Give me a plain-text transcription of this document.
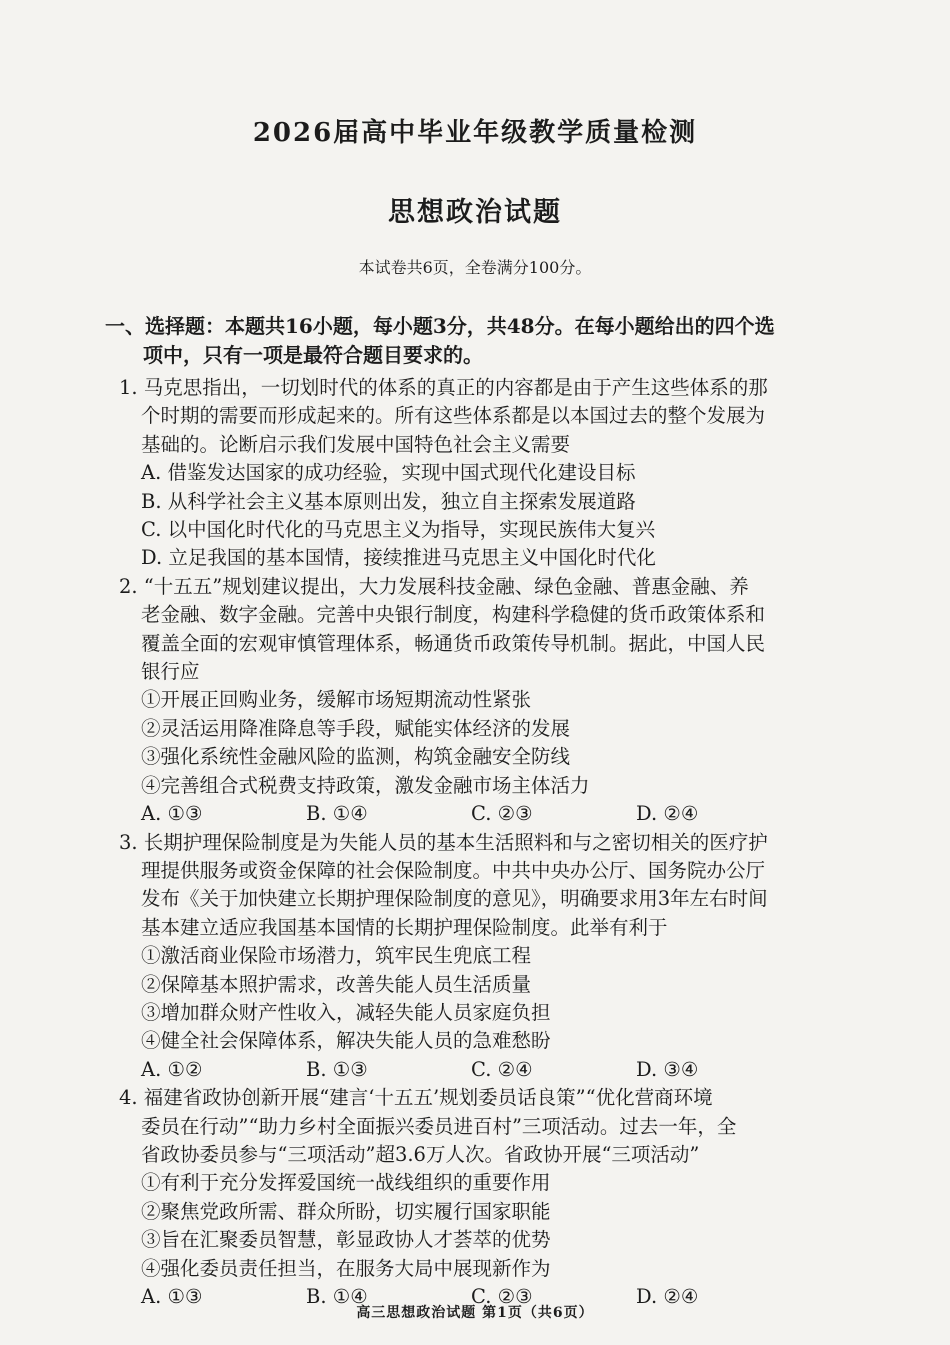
2026届高中毕业年级教学质量检测
思想政治试题
本试卷共6页，全卷满分100分。
一、选择题：本题共16小题，每小题3分，共48分。在每小题给出的四个选
项中，只有一项是最符合题目要求的。
1. 马克思指出，一切划时代的体系的真正的内容都是由于产生这些体系的那
个时期的需要而形成起来的。所有这些体系都是以本国过去的整个发展为
基础的。论断启示我们发展中国特色社会主义需要
A. 借鉴发达国家的成功经验，实现中国式现代化建设目标
B. 从科学社会主义基本原则出发，独立自主探索发展道路
C. 以中国化时代化的马克思主义为指导，实现民族伟大复兴
D. 立足我国的基本国情，接续推进马克思主义中国化时代化
2. “十五五”规划建议提出，大力发展科技金融、绿色金融、普惠金融、养
老金融、数字金融。完善中央银行制度，构建科学稳健的货币政策体系和
覆盖全面的宏观审慎管理体系，畅通货币政策传导机制。据此，中国人民
银行应
①开展正回购业务，缓解市场短期流动性紧张
②灵活运用降准降息等手段，赋能实体经济的发展
③强化系统性金融风险的监测，构筑金融安全防线
④完善组合式税费支持政策，激发金融市场主体活力
A. ①③	B. ①④	C. ②③	D. ②④
3. 长期护理保险制度是为失能人员的基本生活照料和与之密切相关的医疗护
理提供服务或资金保障的社会保险制度。中共中央办公厅、国务院办公厅
发布《关于加快建立长期护理保险制度的意见》，明确要求用3年左右时间
基本建立适应我国基本国情的长期护理保险制度。此举有利于
①激活商业保险市场潜力，筑牢民生兜底工程
②保障基本照护需求，改善失能人员生活质量
③增加群众财产性收入，减轻失能人员家庭负担
④健全社会保障体系，解决失能人员的急难愁盼
A. ①②	B. ①③	C. ②④	D. ③④
4. 福建省政协创新开展“建言‘十五五’规划委员话良策”“优化营商环境
委员在行动”“助力乡村全面振兴委员进百村”三项活动。过去一年，全
省政协委员参与“三项活动”超3.6万人次。省政协开展“三项活动”
①有利于充分发挥爱国统一战线组织的重要作用
②聚焦党政所需、群众所盼，切实履行国家职能
③旨在汇聚委员智慧，彰显政协人才荟萃的优势
④强化委员责任担当，在服务大局中展现新作为
A. ①③	B. ①④	C. ②③	D. ②④
高三思想政治试题 第1页（共6页）
